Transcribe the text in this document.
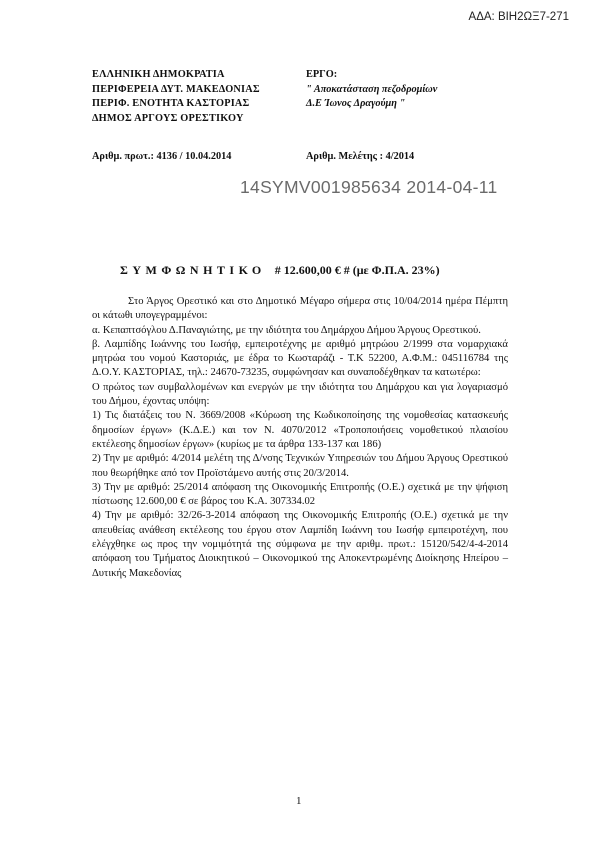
ΑΔΑ: ΒΙΗ2ΩΞ7-271
ΕΛΛΗΝΙΚΗ ΔΗΜΟΚΡΑΤΙΑ
ΠΕΡΙΦΕΡΕΙΑ ΔΥΤ. ΜΑΚΕΔΟΝΙΑΣ
ΠΕΡΙΦ. ΕΝΟΤΗΤΑ ΚΑΣΤΟΡΙΑΣ
ΔΗΜΟΣ ΑΡΓΟΥΣ ΟΡΕΣΤΙΚΟΥ
ΕΡΓΟ:
" Αποκατάσταση πεζοδρομίων
Δ.Ε Ίωνος Δραγούμη "
Αριθμ. πρωτ.: 4136 / 10.04.2014	Αριθμ. Μελέτης : 4/2014
14SYMV001985634 2014-04-11
ΣΥΜΦΩΝΗΤΙΚΟ # 12.600,00 € # (με Φ.Π.Α. 23%)

Στο Άργος Ορεστικό και στο Δημοτικό Μέγαρο σήμερα στις 10/04/2014 ημέρα Πέμπτη οι κάτωθι υπογεγραμμένοι:

α. Κεπαπτσόγλου Δ.Παναγιώτης, με την ιδιότητα του Δημάρχου Δήμου Άργους Ορεστικού.

β. Λαμπίδης Ιωάννης του Ιωσήφ, εμπειροτέχνης με αριθμό μητρώου 2/1999 στα νομαρχιακά μητρώα του νομού Καστοριάς, με έδρα το Κωσταράζι - Τ.Κ 52200, Α.Φ.Μ.: 045116784 της Δ.Ο.Υ. ΚΑΣΤΟΡΙΑΣ, τηλ.: 24670-73235, συμφώνησαν και συναποδέχθηκαν τα κατωτέρω:

Ο πρώτος των συμβαλλομένων και ενεργών με την ιδιότητα του Δημάρχου και για λογαριασμό του Δήμου, έχοντας υπόψη:

1) Τις διατάξεις του Ν. 3669/2008 «Κύρωση της Κωδικοποίησης της νομοθεσίας κατασκευής δημοσίων έργων» (Κ.Δ.Ε.) και τον Ν. 4070/2012 «Τροποποιήσεις νομοθετικού πλαισίου εκτέλεσης δημοσίων έργων» (κυρίως με τα άρθρα 133-137 και 186)

2) Την με αριθμό: 4/2014 μελέτη της Δ/νσης Τεχνικών Υπηρεσιών του Δήμου Άργους Ορεστικού που θεωρήθηκε από τον Προϊστάμενο αυτής στις 20/3/2014.

3) Την με αριθμό: 25/2014 απόφαση της Οικονομικής Επιτροπής (Ο.Ε.) σχετικά με την ψήφιση πίστωσης 12.600,00 € σε βάρος του Κ.Α. 307334.02

4) Την με αριθμό: 32/26-3-2014 απόφαση της Οικονομικής Επιτροπής (Ο.Ε.) σχετικά με την απευθείας ανάθεση εκτέλεσης του έργου στον Λαμπίδη Ιωάννη του Ιωσήφ εμπειροτέχνη, που ελέγχθηκε ως προς την νομιμότητά της σύμφωνα με την αριθμ. πρωτ.: 15120/542/4-4-2014 απόφαση του Τμήματος Διοικητικού – Οικονομικού της Αποκεντρωμένης Διοίκησης Ηπείρου – Δυτικής Μακεδονίας

1
